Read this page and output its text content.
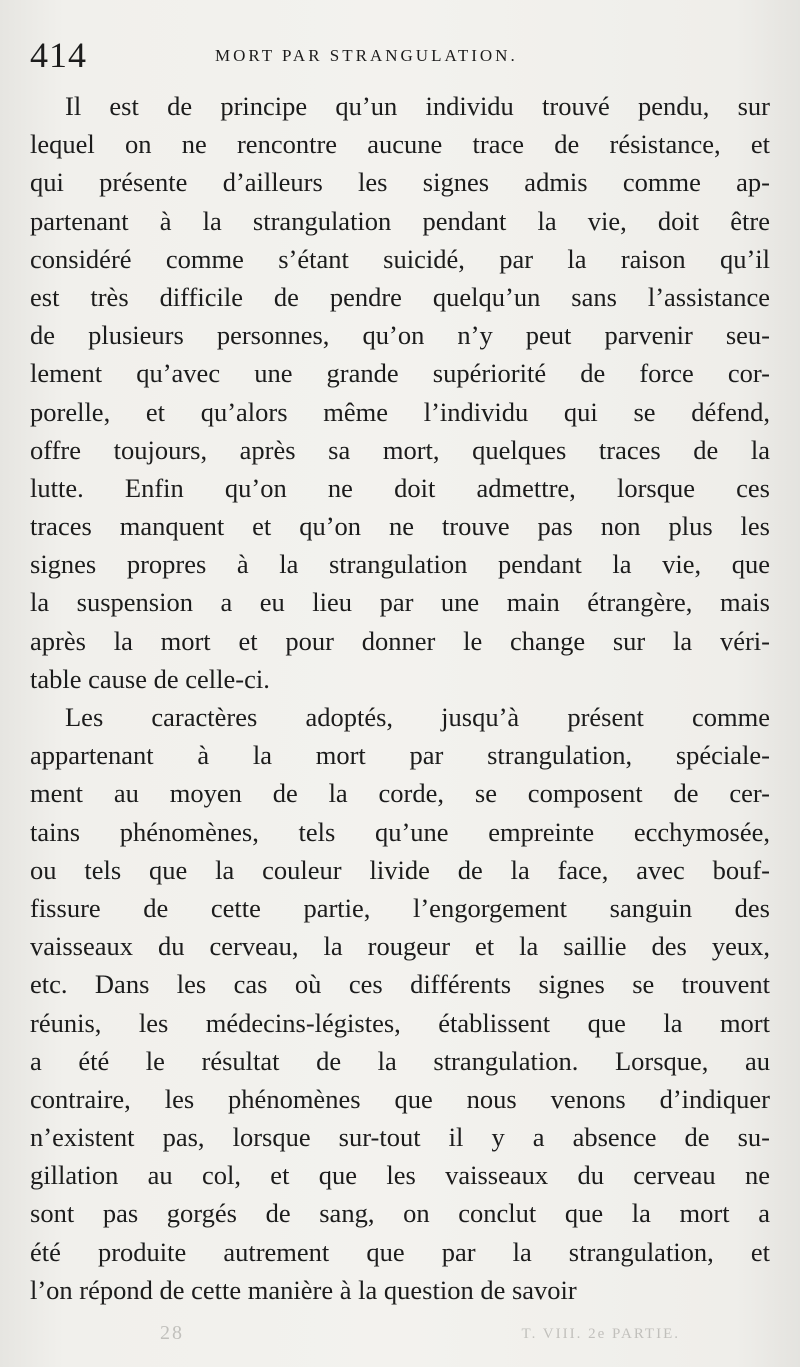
414	MORT PAR STRANGULATION.
Il est de principe qu’un individu trouvé pendu, sur
lequel on ne rencontre aucune trace de résistance, et
qui présente d’ailleurs les signes admis comme ap-
partenant à la strangulation pendant la vie, doit être
considéré comme s’étant suicidé, par la raison qu’il
est très difficile de pendre quelqu’un sans l’assistance
de plusieurs personnes, qu’on n’y peut parvenir seu-
lement qu’avec une grande supériorité de force cor-
porelle, et qu’alors même l’individu qui se défend,
offre toujours, après sa mort, quelques traces de la
lutte. Enfin qu’on ne doit admettre, lorsque ces
traces manquent et qu’on ne trouve pas non plus les
signes propres à la strangulation pendant la vie, que
la suspension a eu lieu par une main étrangère, mais
après la mort et pour donner le change sur la véri-
table cause de celle-ci.
Les caractères adoptés, jusqu’à présent comme
appartenant à la mort par strangulation, spéciale-
ment au moyen de la corde, se composent de cer-
tains phénomènes, tels qu’une empreinte ecchymosée,
ou tels que la couleur livide de la face, avec bouf-
fissure de cette partie, l’engorgement sanguin des
vaisseaux du cerveau, la rougeur et la saillie des yeux,
etc. Dans les cas où ces différents signes se trouvent
réunis, les médecins-légistes, établissent que la mort
a été le résultat de la strangulation. Lorsque, au
contraire, les phénomènes que nous venons d’indiquer
n’existent pas, lorsque sur-tout il y a absence de su-
gillation au col, et que les vaisseaux du cerveau ne
sont pas gorgés de sang, on conclut que la mort a
été produite autrement que par la strangulation, et
l’on répond de cette manière à la question de savoir
28	T. VIII. 2e PARTIE.
